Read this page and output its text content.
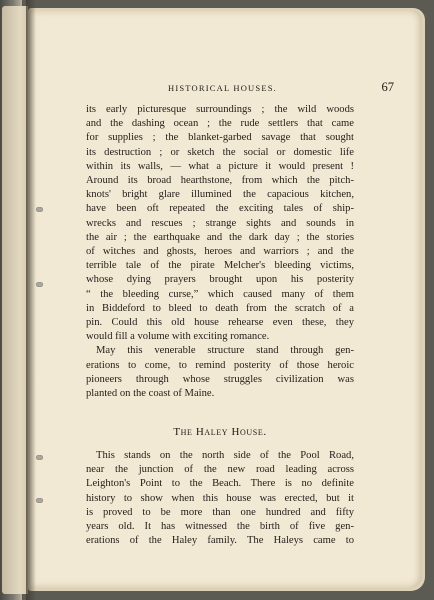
HISTORICAL HOUSES.	67
its early picturesque surroundings ; the wild woods
and the dashing ocean ; the rude settlers that came
for supplies ; the blanket-garbed savage that sought
its destruction ; or sketch the social or domestic life
within its walls, — what a picture it would present !
Around its broad hearthstone, from which the pitch-
knots' bright glare illumined the capacious kitchen,
have been oft repeated the exciting tales of ship-
wrecks and rescues ; strange sights and sounds in
the air ; the earthquake and the dark day ; the stories
of witches and ghosts, heroes and warriors ; and the
terrible tale of the pirate Melcher's bleeding victims,
whose dying prayers brought upon his posterity
“ the bleeding curse,” which caused many of them
in Biddeford to bleed to death from the scratch of a
pin. Could this old house rehearse even these, they
would fill a volume with exciting romance.
May this venerable structure stand through gen-
erations to come, to remind posterity of those heroic
pioneers through whose struggles civilization was
planted on the coast of Maine.
The Haley House.
This stands on the north side of the Pool Road,
near the junction of the new road leading across
Leighton's Point to the Beach. There is no definite
history to show when this house was erected, but it
is proved to be more than one hundred and fifty
years old. It has witnessed the birth of five gen-
erations of the Haley family. The Haleys came to
